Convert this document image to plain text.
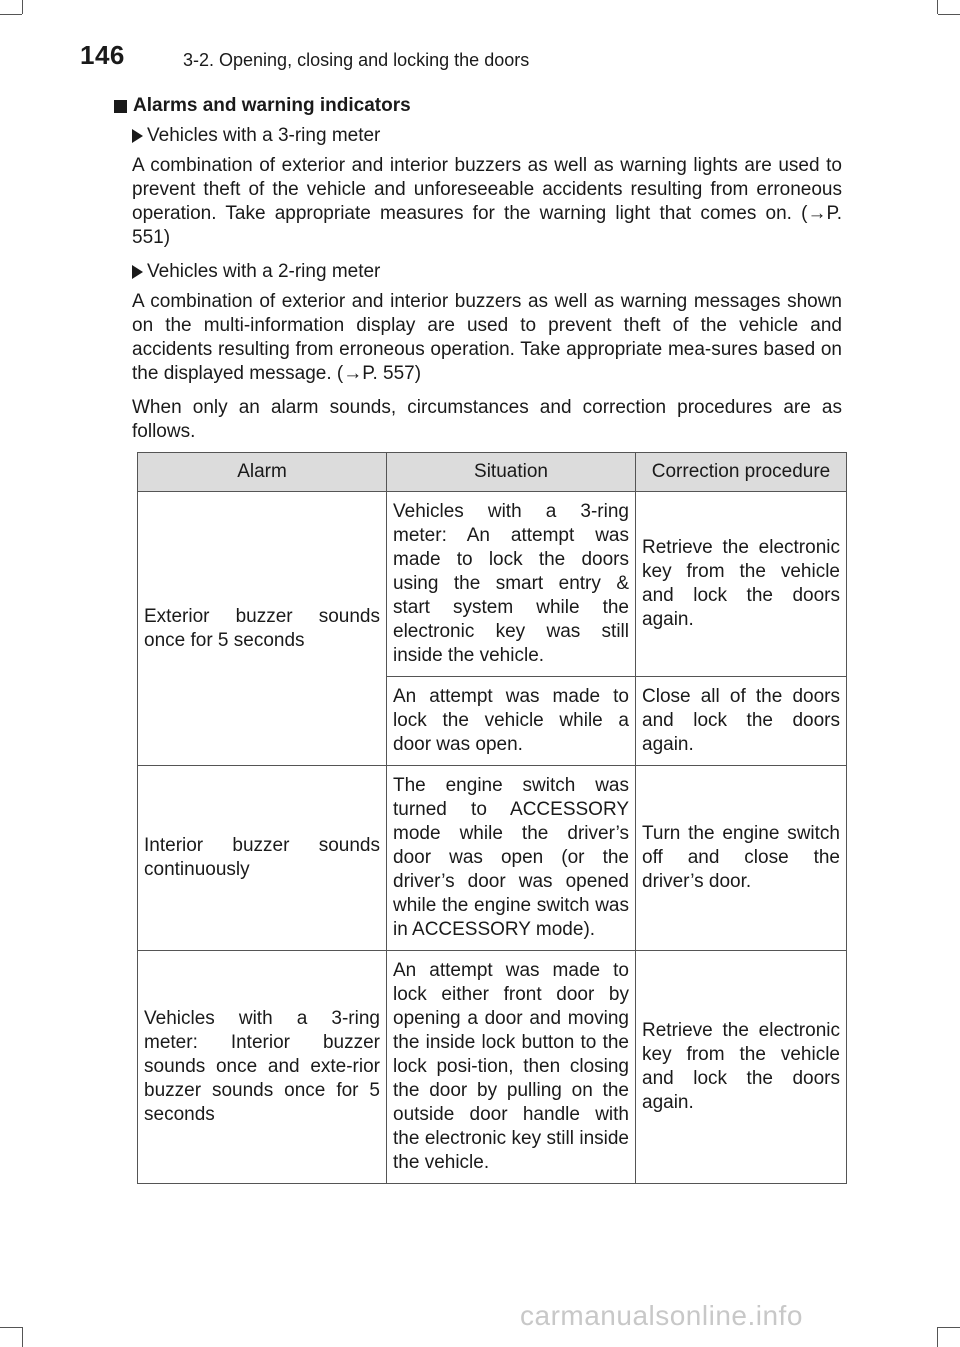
146	3-2. Opening, closing and locking the doors
Alarms and warning indicators
Vehicles with a 3-ring meter

A combination of exterior and interior buzzers as well as warning lights are used to prevent theft of the vehicle and unforeseeable accidents resulting from erroneous operation. Take appropriate measures for the warning light that comes on. (→P. 551)

Vehicles with a 2-ring meter

A combination of exterior and interior buzzers as well as warning messages shown on the multi-information display are used to prevent theft of the vehicle and accidents resulting from erroneous operation. Take appropriate mea-sures based on the displayed message. (→P. 557)

When only an alarm sounds, circumstances and correction procedures are as follows.

Alarm	Situation	Correction procedure
Exterior buzzer sounds once for 5 seconds	Vehicles with a 3-ring meter: An attempt was made to lock the doors using the smart entry & start system while the electronic key was still inside the vehicle.	Retrieve the electronic key from the vehicle and lock the doors again.
	An attempt was made to lock the vehicle while a door was open.	Close all of the doors and lock the doors again.
Interior buzzer sounds continuously	The engine switch was turned to ACCESSORY mode while the driver’s door was open (or the driver’s door was opened while the engine switch was in ACCESSORY mode).	Turn the engine switch off and close the driver’s door.
Vehicles with a 3-ring meter: Interior buzzer sounds once and exte-rior buzzer sounds once for 5 seconds	An attempt was made to lock either front door by opening a door and moving the inside lock button to the lock posi-tion, then closing the door by pulling on the outside door handle with the electronic key still inside the vehicle.	Retrieve the electronic key from the vehicle and lock the doors again.
carmanualsonline.info
